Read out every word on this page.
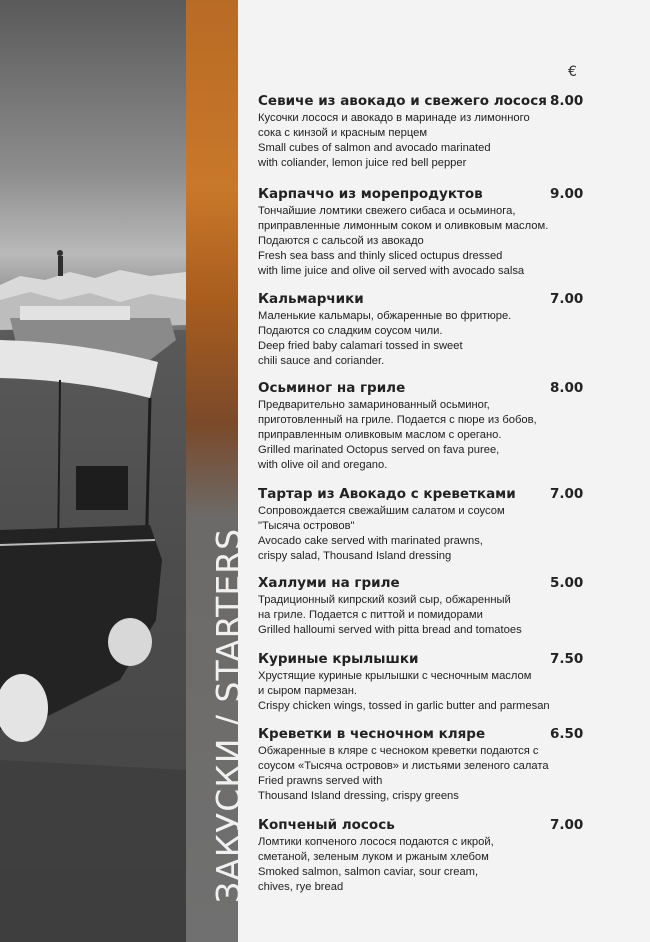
ЗАКУСКИ / STARTERS
€
Севиче из авокадо и свежего лосося 8.00
Кусочки лосося и авокадо в маринаде из лимонного
сока с кинзой и красным перцем
Small cubes of salmon and avocado marinated
with coliander, lemon juice red bell pepper
Карпаччо из морепродуктов	9.00
Тончайшие ломтики свежего сибаса и осьминога,
приправленные лимонным соком и оливковым маслом.
Подаются с сальсой из авокадо
Fresh sea bass and thinly sliced octupus dressed
with lime juice and olive oil served with avocado salsa
Кальмарчики	7.00
Маленькие кальмары, обжаренные во фритюре.
Подаются со сладким соусом чили.
Deep fried baby calamari tossed in sweet
chili sauce and coriander.
Осьминог на гриле	8.00
Предварительно замаринованный осьминог,
приготовленный на гриле. Подается с пюре из бобов,
приправленным оливковым маслом с орегано.
Grilled marinated Octopus served on fava puree,
with olive oil and oregano.
Тартар из Авокадо с креветками	7.00
Сопровождается свежайшим салатом и соусом
"Тысяча островов"
Avocado cake served with marinated prawns,
crispy salad, Thousand Island dressing
Халлуми на гриле	5.00
Традиционный кипрский козий сыр, обжаренный
на гриле. Подается с питтой и помидорами
Grilled halloumi served with pitta bread and tomatoes
Куриные крылышки	7.50
Хрустящие куриные крылышки с чесночным маслом
и сыром пармезан.
Crispy chicken wings, tossed in garlic butter and parmesan
Креветки в чесночном кляре	6.50
Обжаренные в кляре с чесноком креветки подаются с
соусом «Тысяча островов» и листьями зеленого салата
Fried prawns served with
Thousand Island dressing, crispy greens
Копченый лосось	7.00
Ломтики копченого лосося подаются с икрой,
сметаной, зеленым луком и ржаным хлебом
Smoked salmon, salmon caviar, sour cream,
chives, rye bread
